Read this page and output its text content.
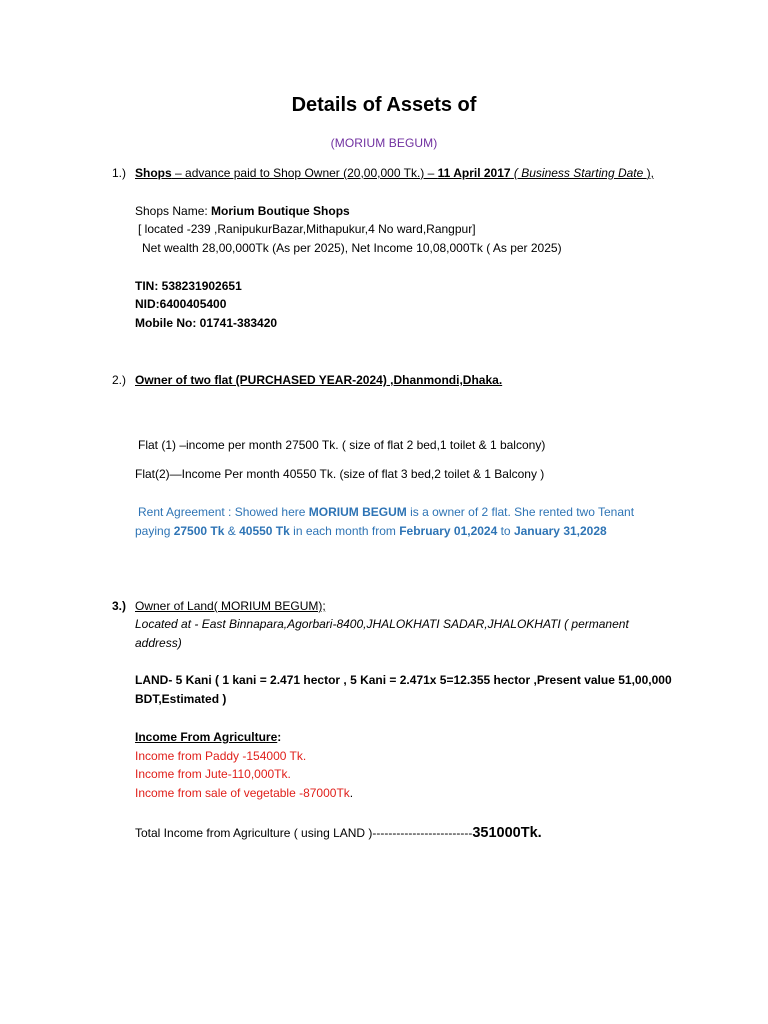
Details of Assets of
(MORIUM BEGUM)
1.) Shops – advance paid to Shop Owner (20,00,000 Tk.) – 11 April 2017 ( Business Starting Date ),
Shops Name: Morium Boutique Shops
[ located -239 ,RanipukurBazar,Mithapukur,4 No ward,Rangpur]
Net wealth 28,00,000Tk (As per 2025), Net Income 10,08,000Tk ( As per 2025)
TIN: 538231902651
NID:6400405400
Mobile No: 01741-383420
2.) Owner of two flat (PURCHASED YEAR-2024) ,Dhanmondi,Dhaka.
Flat (1) –income per month 27500 Tk. ( size of flat 2 bed,1 toilet & 1 balcony)
Flat(2)—Income Per month 40550 Tk. (size of flat 3 bed,2 toilet & 1 Balcony )
Rent Agreement : Showed here MORIUM BEGUM is a owner of 2 flat. She rented two Tenant
paying 27500 Tk & 40550 Tk in each month from February 01,2024 to January 31,2028
3.) Owner of Land( MORIUM BEGUM);
Located at - East Binnapara,Agorbari-8400,JHALOKHATI SADAR,JHALOKHATI ( permanent
address)
LAND- 5 Kani ( 1 kani = 2.471 hector , 5 Kani = 2.471x 5=12.355 hector ,Present value 51,00,000
BDT,Estimated )
Income From Agriculture:
Income from Paddy -154000 Tk.
Income from Jute-110,000Tk.
Income from sale of vegetable -87000Tk.
Total Income from Agriculture ( using LAND )-------------------------351000Tk.
